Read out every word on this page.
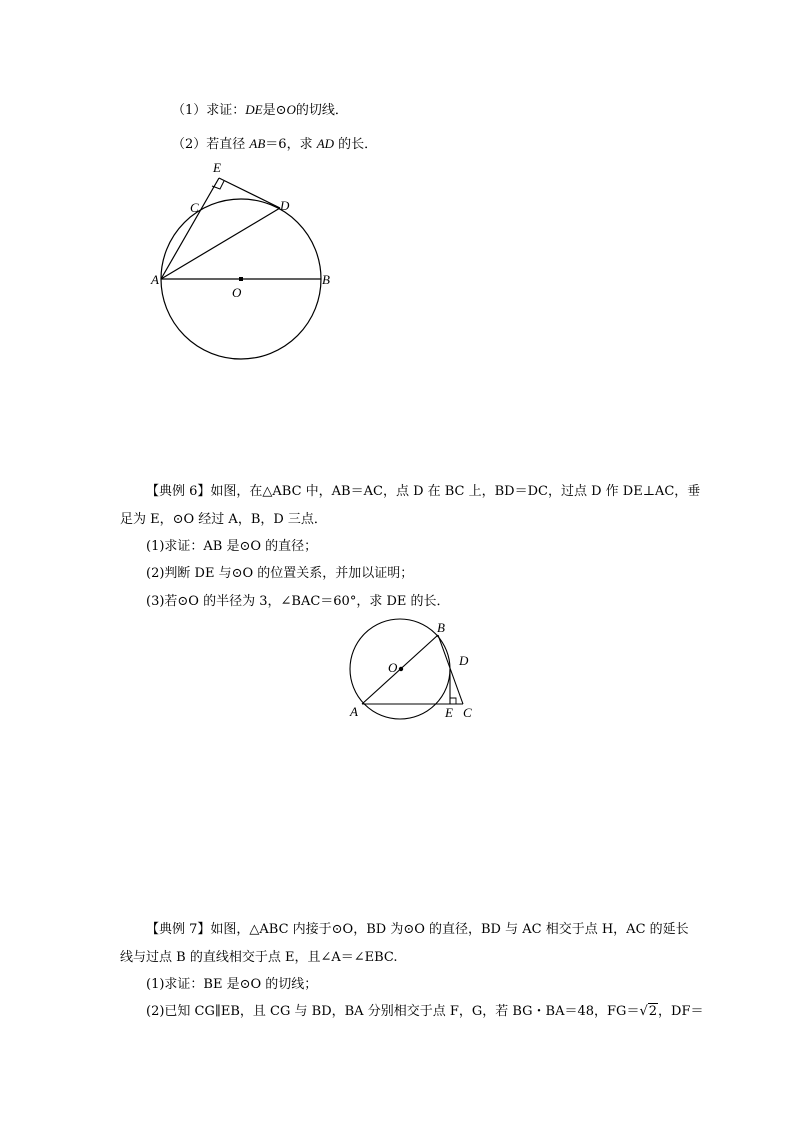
（1）求证：DE是⊙O的切线．
（2）若直径 AB＝6，求 AD 的长．
E
C	D
A
O
B
【典例 6】如图，在△ABC 中，AB＝AC，点 D 在 BC 上，BD＝DC，过点 D 作 DE⊥AC，垂
足为 E，⊙O 经过 A，B，D 三点．
(1)求证：AB 是⊙O 的直径；
(2)判断 DE 与⊙O 的位置关系，并加以证明；
(3)若⊙O 的半径为 3，∠BAC＝60°，求 DE 的长．
B
O	D
A	E C
【典例 7】如图，△ABC 内接于⊙O，BD 为⊙O 的直径，BD 与 AC 相交于点 H，AC 的延长
线与过点 B 的直线相交于点 E，且∠A＝∠EBC.
(1)求证：BE 是⊙O 的切线；
(2)已知 CG∥EB，且 CG 与 BD，BA 分别相交于点 F，G，若 BG・BA＝48，FG＝√2，DF＝
